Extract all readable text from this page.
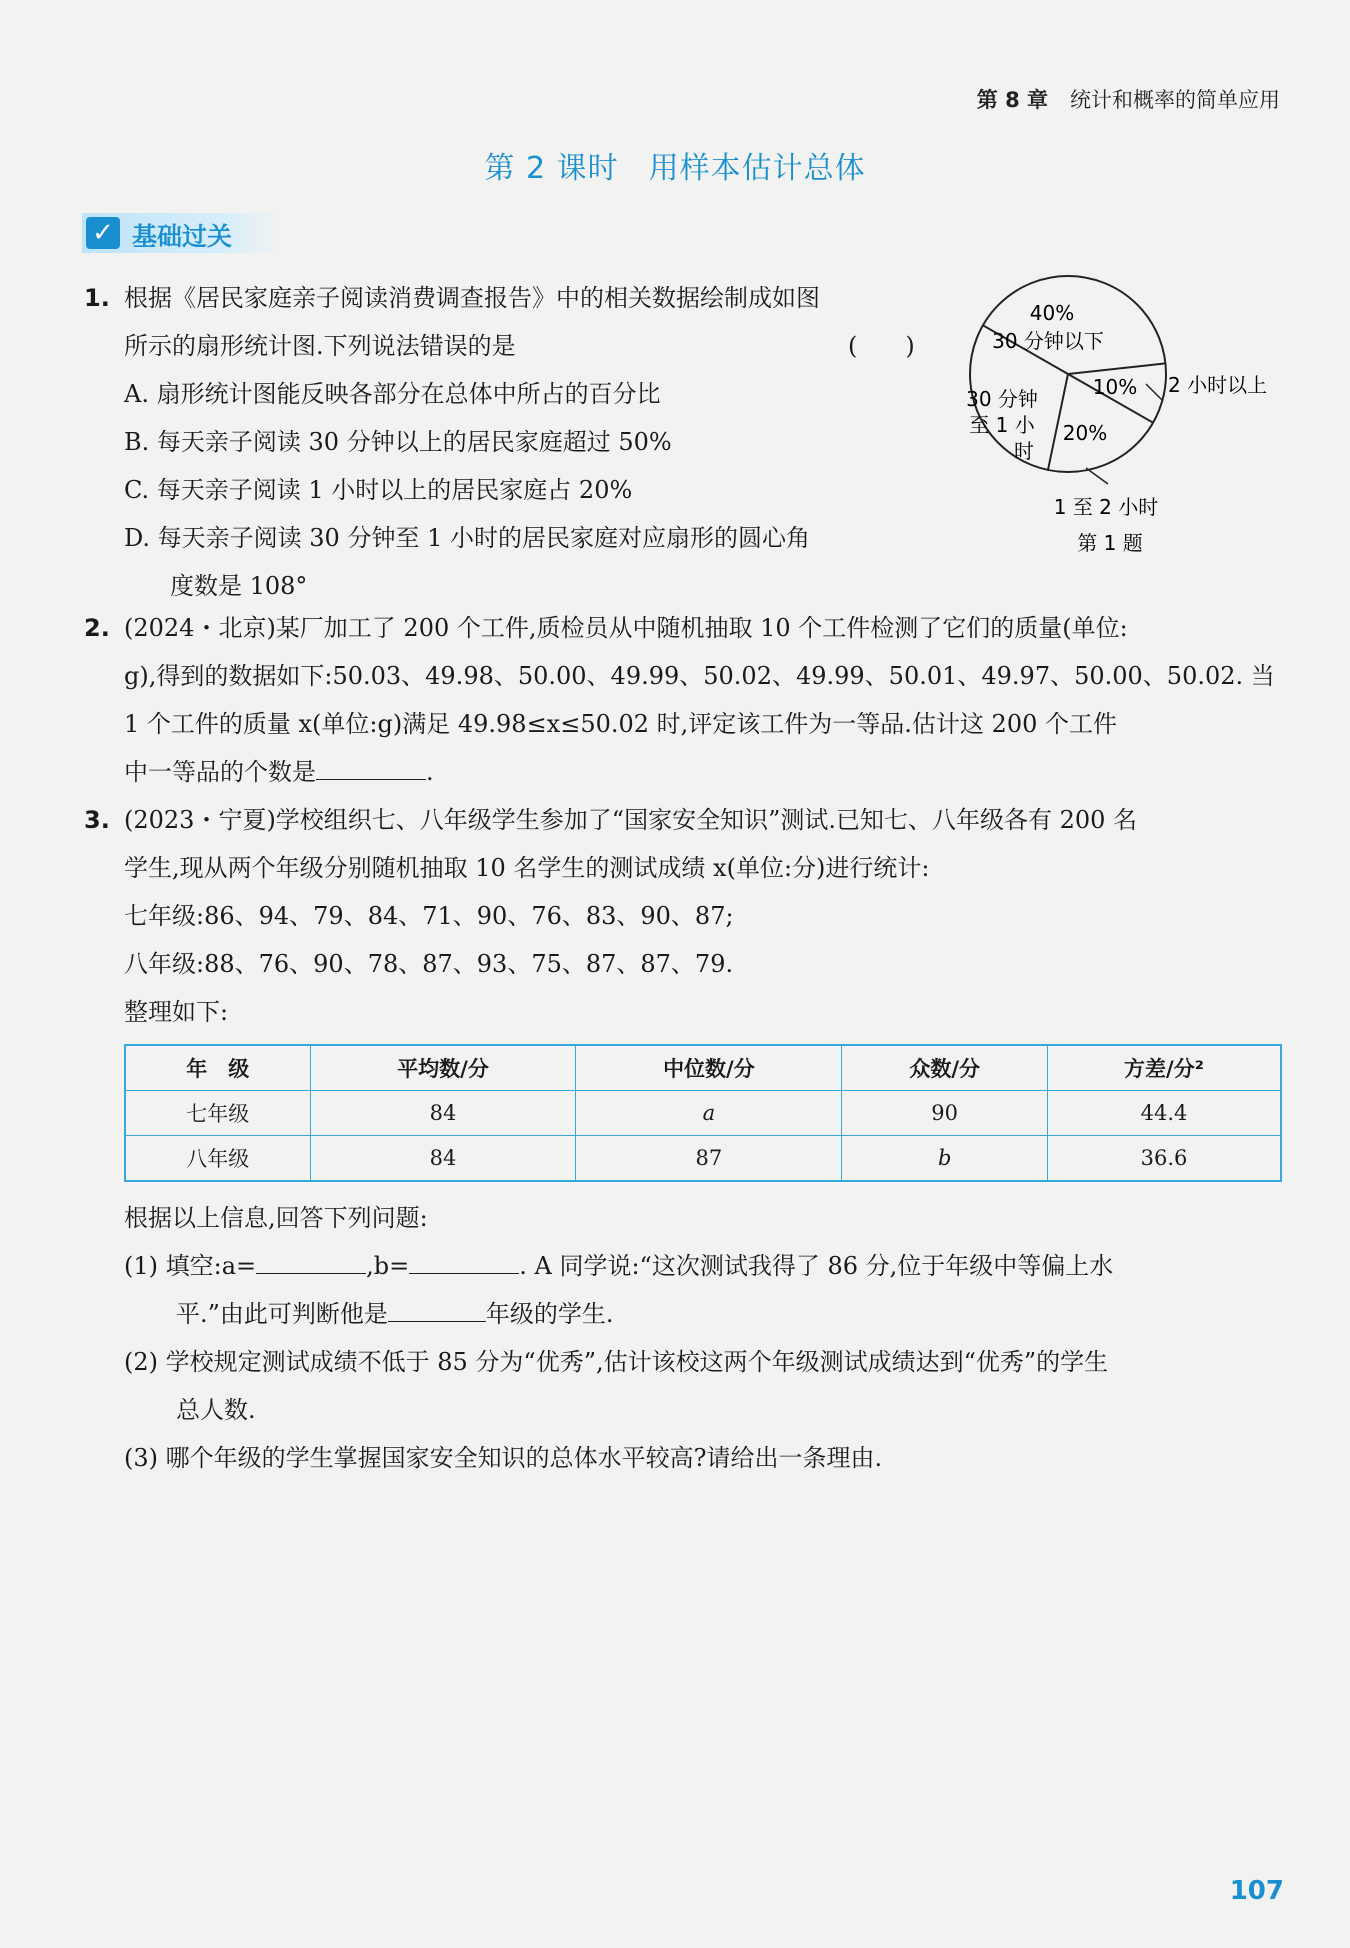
第 8 章 统计和概率的简单应用
第 2 课时 用样本估计总体
✓ 基础过关
1. 根据《居民家庭亲子阅读消费调查报告》中的相关数据绘制成如图
所示的扇形统计图.下列说法错误的是	(　　)
A. 扇形统计图能反映各部分在总体中所占的百分比
B. 每天亲子阅读 30 分钟以上的居民家庭超过 50%
C. 每天亲子阅读 1 小时以上的居民家庭占 20%
D. 每天亲子阅读 30 分钟至 1 小时的居民家庭对应扇形的圆心角
度数是 108°
40%
30 分钟以下
10% 2 小时以上
20%
1 至 2 小时
30 分钟
至 1 小
时
第 1 题
2. (2024・北京)某厂加工了 200 个工件,质检员从中随机抽取 10 个工件检测了它们的质量(单位:
g),得到的数据如下:50.03、49.98、50.00、49.99、50.02、49.99、50.01、49.97、50.00、50.02. 当
1 个工件的质量 x(单位:g)满足 49.98≤x≤50.02 时,评定该工件为一等品.估计这 200 个工件
中一等品的个数是	.
3. (2023・宁夏)学校组织七、八年级学生参加了“国家安全知识”测试.已知七、八年级各有 200 名
学生,现从两个年级分别随机抽取 10 名学生的测试成绩 x(单位:分)进行统计:
七年级:86、94、79、84、71、90、76、83、90、87;
八年级:88、76、90、78、87、93、75、87、87、79.
整理如下:
年　级	平均数/分	中位数/分	众数/分	方差/分²
七年级	84	a	90	44.4
八年级	84	87	b	36.6
根据以上信息,回答下列问题:
(1) 填空:a=	,b=	. A 同学说:“这次测试我得了 86 分,位于年级中等偏上水
平.”由此可判断他是	年级的学生.
(2) 学校规定测试成绩不低于 85 分为“优秀”,估计该校这两个年级测试成绩达到“优秀”的学生
总人数.
(3) 哪个年级的学生掌握国家安全知识的总体水平较高?请给出一条理由.
107
